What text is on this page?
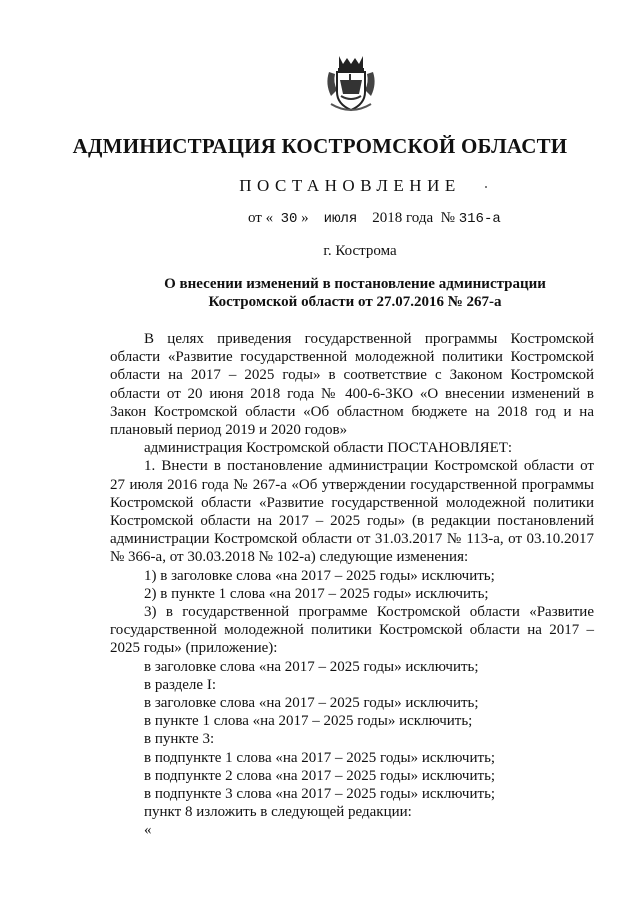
АДМИНИСТРАЦИЯ КОСТРОМСКОЙ ОБЛАСТИ
ПОСТАНОВЛЕНИЕ
от « 30 » июля 2018 года № 316-а
г. Кострома
О внесении изменений в постановление администрации
Костромской области от 27.07.2016 № 267-а

В целях приведения государственной программы Костромской области «Развитие государственной молодежной политики Костромской области на 2017 – 2025 годы» в соответствие с Законом Костромской области от 20 июня 2018 года № 400-6-ЗКО «О внесении изменений в Закон Костромской области «Об областном бюджете на 2018 год и на плановый период 2019 и 2020 годов»

администрация Костромской области ПОСТАНОВЛЯЕТ:

1. Внести в постановление администрации Костромской области от 27 июля 2016 года № 267-а «Об утверждении государственной программы Костромской области «Развитие государственной молодежной политики Костромской области на 2017 – 2025 годы» (в редакции постановлений администрации Костромской области от 31.03.2017 № 113-а, от 03.10.2017 № 366-а, от 30.03.2018 № 102-а) следующие изменения:

1) в заголовке слова «на 2017 – 2025 годы» исключить;

2) в пункте 1 слова «на 2017 – 2025 годы» исключить;

3) в государственной программе Костромской области «Развитие государственной молодежной политики Костромской области на 2017 – 2025 годы» (приложение):

в заголовке слова «на 2017 – 2025 годы» исключить;

в разделе I:

в заголовке слова «на 2017 – 2025 годы» исключить;

в пункте 1 слова «на 2017 – 2025 годы» исключить;

в пункте 3:

в подпункте 1 слова «на 2017 – 2025 годы» исключить;

в подпункте 2 слова «на 2017 – 2025 годы» исключить;

в подпункте 3 слова «на 2017 – 2025 годы» исключить;

пункт 8 изложить в следующей редакции:

«
